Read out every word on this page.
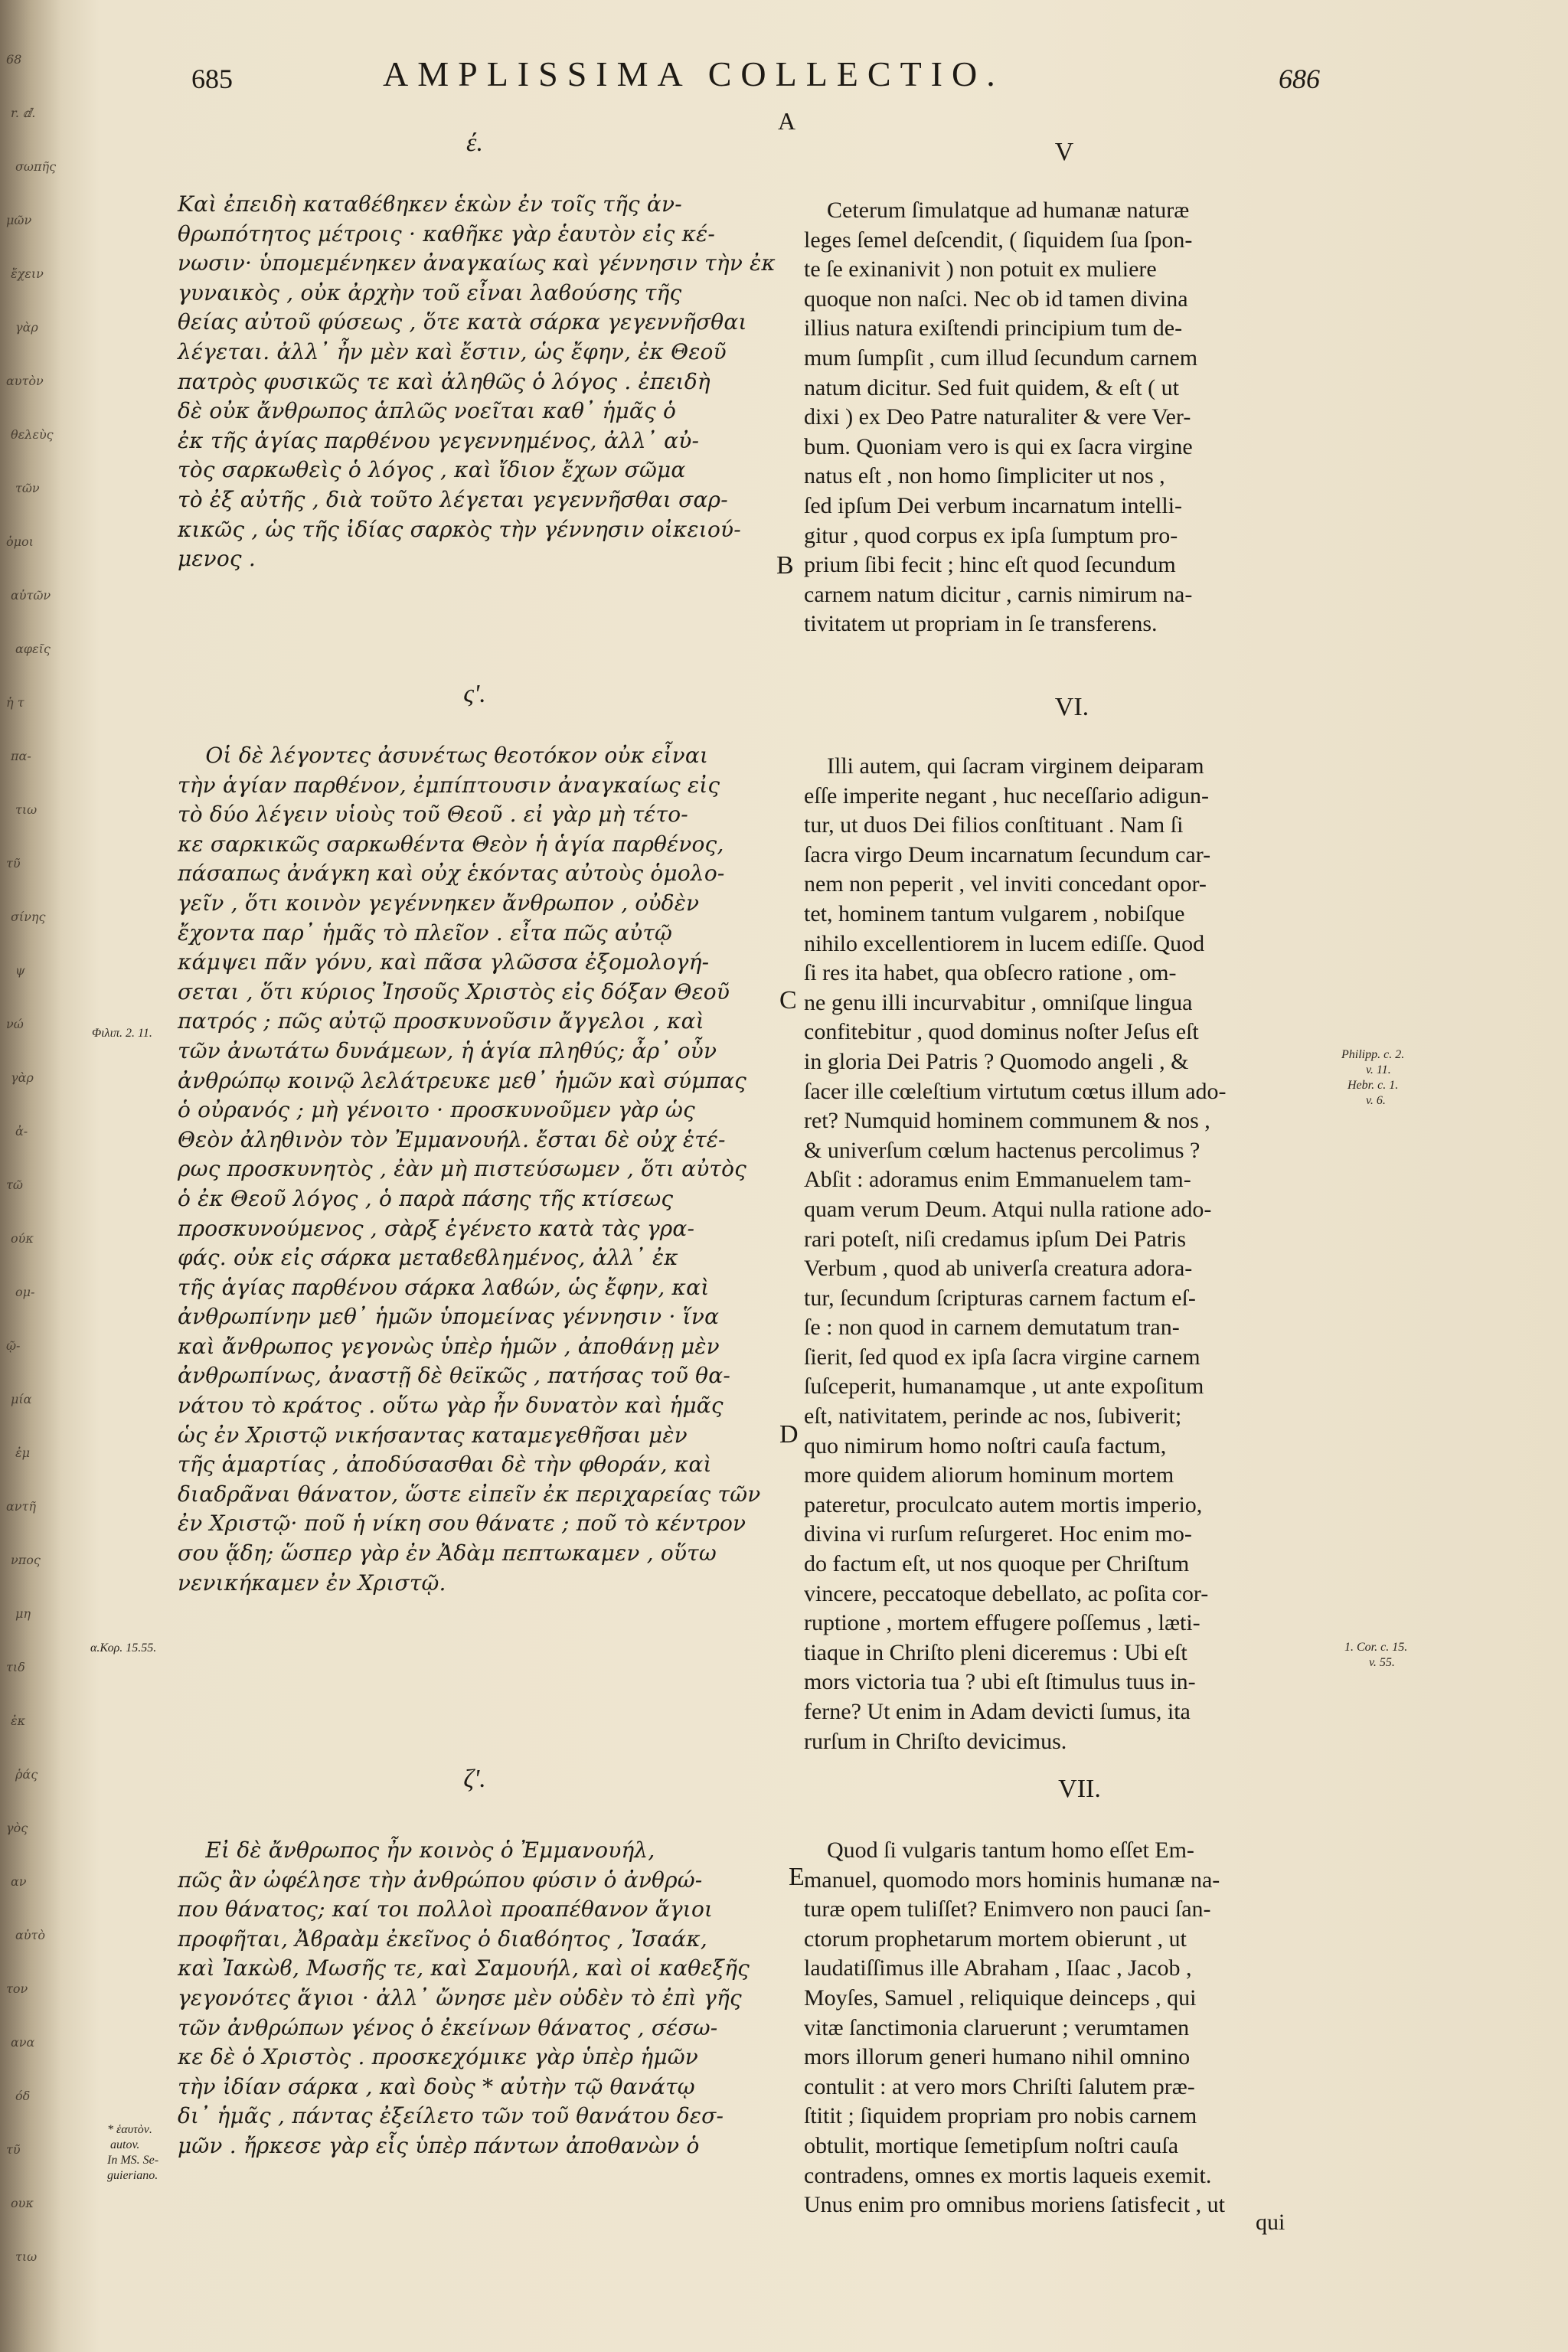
68
r. ⅆ.
σωπῆς
μῶν
ἔχειν
γὰρ
αυτὸν
θελεὺς
τῶν
ὁμοι
αὐτῶν
αφεῖς
ἡ τ
πα-
τιω
τῦ
σίνης
ψ
νώ
γὰρ
ἀ-
τῶ
ούκ
ομ-
ῷ-
μία
ἐμ
αντῆ
νπος
μη
τιδ
ἐκ
ῥάς
γὸς
αν
αὐτὸ
τον
ανα
όδ
τῦ
ουκ
τιω
685	AMPLISSIMA COLLECTIO.	686
A
έ.	V
Καὶ ἐπειδὴ καταϐέϐηκεν ἑκὼν ἐν τοῖς τῆς ἀν-
θρωπότητος μέτροις · καθῆκε γὰρ ἑαυτὸν εἰς κέ-
νωσιν· ὑπομεμένηκεν ἀναγκαίως καὶ γέννησιν τὴν ἐκ
γυναικὸς , οὐκ ἀρχὴν τοῦ εἶναι λαϐούσης τῆς
θείας αὐτοῦ φύσεως , ὅτε κατὰ σάρκα γεγεννῆσθαι
λέγεται. ἀλλ᾽ ἦν μὲν καὶ ἔστιν, ὡς ἔφην, ἐκ Θεοῦ
πατρὸς φυσικῶς τε καὶ ἀληθῶς ὁ λόγος . ἐπειδὴ
δὲ οὐκ ἄνθρωπος ἁπλῶς νοεῖται καθ᾽ ἡμᾶς ὁ
ἐκ τῆς ἁγίας παρθένου γεγεννημένος, ἀλλ᾽ αὐ-
τὸς σαρκωθεὶς ὁ λόγος , καὶ ἴδιον ἔχων σῶμα
τὸ ἐξ αὐτῆς , διὰ τοῦτο λέγεται γεγεννῆσθαι σαρ-
κικῶς , ὡς τῆς ἰδίας σαρκὸς τὴν γέννησιν οἰκειού-
μενος .
Ceterum ſimulatque ad humanæ naturæ
leges ſemel deſcendit, ( ſiquidem ſua ſpon-
te ſe exinanivit ) non potuit ex muliere
quoque non naſci. Nec ob id tamen divina
illius natura exiſtendi principium tum de-
mum ſumpſit , cum illud ſecundum carnem
natum dicitur. Sed fuit quidem, & eſt ( ut
dixi ) ex Deo Patre naturaliter & vere Ver-
bum. Quoniam vero is qui ex ſacra virgine
natus eſt , non homo ſimpliciter ut nos ,
ſed ipſum Dei verbum incarnatum intelli-
gitur , quod corpus ex ipſa ſumptum pro-
prium ſibi fecit ; hinc eſt quod ſecundum
carnem natum dicitur , carnis nimirum na-
tivitatem ut propriam in ſe transferens.
ς'.	VI.
Οἱ δὲ λέγοντες ἀσυνέτως θεοτόκον οὐκ εἶναι
τὴν ἁγίαν παρθένον, ἐμπίπτουσιν ἀναγκαίως εἰς
τὸ δύο λέγειν υἱοὺς τοῦ Θεοῦ . εἰ γὰρ μὴ τέτο-
κε σαρκικῶς σαρκωθέντα Θεὸν ἡ ἁγία παρθένος,
πάσαπως ἀνάγκη καὶ οὐχ ἑκόντας αὐτοὺς ὁμολο-
γεῖν , ὅτι κοινὸν γεγέννηκεν ἄνθρωπον , οὐδὲν
ἔχοντα παρ᾽ ἡμᾶς τὸ πλεῖον . εἶτα πῶς αὐτῷ
κάμψει πᾶν γόνυ, καὶ πᾶσα γλῶσσα ἐξομολογή-
σεται , ὅτι κύριος Ἰησοῦς Χριστὸς εἰς δόξαν Θεοῦ
πατρός ; πῶς αὐτῷ προσκυνοῦσιν ἄγγελοι , καὶ
τῶν ἀνωτάτω δυνάμεων, ἡ ἁγία πληθύς; ἆρ᾽ οὖν
ἀνθρώπῳ κοινῷ λελάτρευκε μεθ᾽ ἡμῶν καὶ σύμπας
ὁ οὐρανός ; μὴ γένοιτο · προσκυνοῦμεν γὰρ ὡς
Θεὸν ἀληθινὸν τὸν Ἐμμανουήλ. ἔσται δὲ οὐχ ἑτέ-
ρως προσκυνητὸς , ἐὰν μὴ πιστεύσωμεν , ὅτι αὐτὸς
ὁ ἐκ Θεοῦ λόγος , ὁ παρὰ πάσης τῆς κτίσεως
προσκυνούμενος , σὰρξ ἐγένετο κατὰ τὰς γρα-
φάς. οὐκ εἰς σάρκα μεταϐεϐλημένος, ἀλλ᾽ ἐκ
τῆς ἁγίας παρθένου σάρκα λαϐών, ὡς ἔφην, καὶ
ἀνθρωπίνην μεθ᾽ ἡμῶν ὑπομείνας γέννησιν · ἵνα
καὶ ἄνθρωπος γεγονὼς ὑπὲρ ἡμῶν , ἀποθάνῃ μὲν
ἀνθρωπίνως, ἀναστῇ δὲ θεϊκῶς , πατήσας τοῦ θα-
νάτου τὸ κράτος . οὕτω γὰρ ἦν δυνατὸν καὶ ἡμᾶς
ὡς ἐν Χριστῷ νικήσαντας καταμεγεθῆσαι μὲν
τῆς ἁμαρτίας , ἀποδύσασθαι δὲ τὴν φθοράν, καὶ
διαδρᾶναι θάνατον, ὥστε εἰπεῖν ἐκ περιχαρείας τῶν
ἐν Χριστῷ· ποῦ ἡ νίκη σου θάνατε ; ποῦ τὸ κέντρον
σου ᾅδη; ὥσπερ γὰρ ἐν Ἀδὰμ πεπτωκαμεν , οὕτω
νενικήκαμεν ἐν Χριστῷ.
Illi autem, qui ſacram virginem deiparam
eſſe imperite negant , huc neceſſario adigun-
tur, ut duos Dei filios conſtituant . Nam ſi
ſacra virgo Deum incarnatum ſecundum car-
nem non peperit , vel inviti concedant opor-
tet, hominem tantum vulgarem , nobiſque
nihilo excellentiorem in lucem ediſſe. Quod
ſi res ita habet, qua obſecro ratione , om-
ne genu illi incurvabitur , omniſque lingua
confitebitur , quod dominus noſter Jeſus eſt
in gloria Dei Patris ? Quomodo angeli , &
ſacer ille cœleſtium virtutum cœtus illum ado-
ret? Numquid hominem communem & nos ,
& univerſum cœlum hactenus percolimus ?
Abſit : adoramus enim Emmanuelem tam-
quam verum Deum. Atqui nulla ratione ado-
rari poteſt, niſi credamus ipſum Dei Patris
Verbum , quod ab univerſa creatura adora-
tur, ſecundum ſcripturas carnem factum eſ-
ſe : non quod in carnem demutatum tran-
ſierit, ſed quod ex ipſa ſacra virgine carnem
ſuſceperit, humanamque , ut ante expoſitum
eſt, nativitatem, perinde ac nos, ſubiverit;
quo nimirum homo noſtri cauſa factum,
more quidem aliorum hominum mortem
pateretur, proculcato autem mortis imperio,
divina vi rurſum reſurgeret. Hoc enim mo-
do factum eſt, ut nos quoque per Chriſtum
vincere, peccatoque debellato, ac poſita cor-
ruptione , mortem effugere poſſemus , læti-
tiaque in Chriſto pleni diceremus : Ubi eſt
mors victoria tua ? ubi eſt ſtimulus tuus in-
ferne? Ut enim in Adam devicti ſumus, ita
rurſum in Chriſto devicimus.
ζ'.	VII.
Εἰ δὲ ἄνθρωπος ἦν κοινὸς ὁ Ἐμμανουήλ,
πῶς ἂν ὠφέλησε τὴν ἀνθρώπου φύσιν ὁ ἀνθρώ-
που θάνατος; καί τοι πολλοὶ προαπέθανον ἅγιοι
προφῆται, Ἀϐραὰμ ἐκεῖνος ὁ διαϐόητος , Ἰσαάκ,
καὶ Ἰακὼϐ, Μωσῆς τε, καὶ Σαμουήλ, καὶ οἱ καθεξῆς
γεγονότες ἅγιοι · ἀλλ᾽ ὤνησε μὲν οὐδὲν τὸ ἐπὶ γῆς
τῶν ἀνθρώπων γένος ὁ ἐκείνων θάνατος , σέσω-
κε δὲ ὁ Χριστὸς . προσκεχόμικε γὰρ ὑπὲρ ἡμῶν
τὴν ἰδίαν σάρκα , καὶ δοὺς * αὐτὴν τῷ θανάτῳ
δι᾽ ἡμᾶς , πάντας ἐξείλετο τῶν τοῦ θανάτου δεσ-
μῶν . ἤρκεσε γὰρ εἷς ὑπὲρ πάντων ἀποθανὼν ὁ
Quod ſi vulgaris tantum homo eſſet Em-
manuel, quomodo mors hominis humanæ na-
turæ opem tuliſſet? Enimvero non pauci ſan-
ctorum prophetarum mortem obierunt , ut
laudatiſſimus ille Abraham , Iſaac , Jacob ,
Moyſes, Samuel , reliquique deinceps , qui
vitæ ſanctimonia claruerunt ; verumtamen
mors illorum generi humano nihil omnino
contulit : at vero mors Chriſti ſalutem præ-
ſtitit ; ſiquidem propriam pro nobis carnem
obtulit, mortique ſemetipſum noſtri cauſa
contradens, omnes ex mortis laqueis exemit.
Unus enim pro omnibus moriens ſatisfecit , ut
B
C
D
E
Φιλιπ. 2. 11.
α.Κορ. 15.55.
* ἑαυτὸν.
autov.
In MS. Se-
guieriano.
Philipp. c. 2.
v. 11.
Hebr. c. 1.
v. 6.
1. Cor. c. 15.
v. 55.
qui
